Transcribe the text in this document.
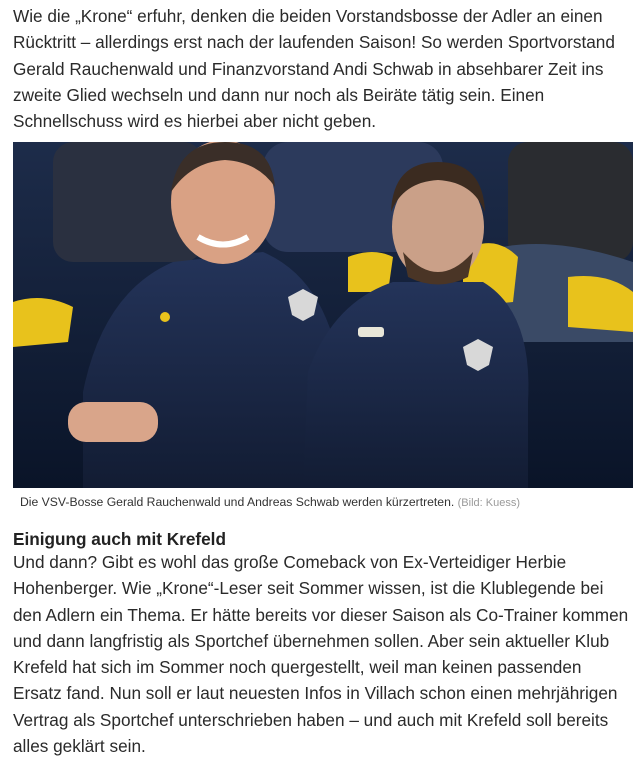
Wie die „Krone“ erfuhr, denken die beiden Vorstandsbosse der Adler an einen Rücktritt – allerdings erst nach der laufenden Saison! So werden Sportvorstand Gerald Rauchenwald und Finanzvorstand Andi Schwab in absehbarer Zeit ins zweite Glied wechseln und dann nur noch als Beiräte tätig sein. Einen Schnellschuss wird es hierbei aber nicht geben.

Die VSV-Bosse Gerald Rauchenwald und Andreas Schwab werden kürzertreten. (Bild: Kuess)
Einigung auch mit Krefeld

Und dann? Gibt es wohl das große Comeback von Ex-Verteidiger Herbie Hohenberger. Wie „Krone“-Leser seit Sommer wissen, ist die Klublegende bei den Adlern ein Thema. Er hätte bereits vor dieser Saison als Co-Trainer kommen und dann langfristig als Sportchef übernehmen sollen. Aber sein aktueller Klub Krefeld hat sich im Sommer noch quergestellt, weil man keinen passenden Ersatz fand. Nun soll er laut neuesten Infos in Villach schon einen mehrjährigen Vertrag als Sportchef unterschrieben haben – und auch mit Krefeld soll bereits alles geklärt sein.
